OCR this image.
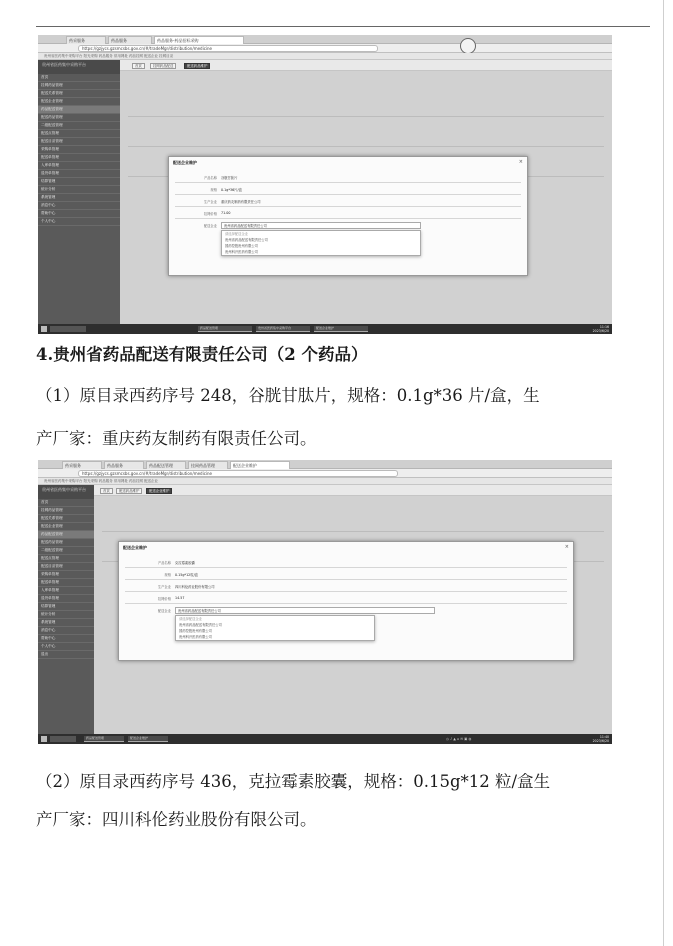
药采服务	药品服务	药品服务-药品招标采购
https://gzjycs.gzsmcsbs.gov.cn/#/tradeMgr/distribution/medicine
贵州省医药集中采购平台 阳光采购 药品服务 常用网址 药品挂网 配送企业 挂网目录
贵州省医药集中采购平台
首页
挂网药品管理
配送关系管理
配送企业管理
药品配送管理
配送药品管理
二级配送管理
配送点管理
配送目录管理
采购单管理
配送单管理
入库单管理
退货单管理
结算管理
统计分析
系统管理
消息中心
帮助中心
个人中心
首页	挂网药品配送	配送药品维护
配送企业维护	×
产品名称 谷胱甘肽片
规格 0.1g*36片/盒
生产企业 重庆药友制药有限责任公司
挂网价格 71.00
配送企业	贵州省药品配送有限责任公司
请选择配送企业
贵州省药品配送有限责任公司
国药控股贵州有限公司
贵州科开医药有限公司
药品配送管理	贵州省医药集中采购平台	配送企业维护	11:16
2023/6/20
药采服务	药品服务	药品配送管理	挂网药品管理	配送企业维护
https://gzjycs.gzsmcsbs.gov.cn/#/tradeMgr/distribution/medicine
贵州省医药集中采购平台 阳光采购 药品服务 常用网址 药品挂网 配送企业
贵州省医药集中采购平台
首页
挂网药品管理
配送关系管理
配送企业管理
药品配送管理
配送药品管理
二级配送管理
配送点管理
配送目录管理
采购单管理
配送单管理
入库单管理
退货单管理
结算管理
统计分析
系统管理
消息中心
帮助中心
个人中心
退出
首页	配送药品维护	配送企业维护
配送企业维护	×
产品名称 克拉霉素胶囊
规格 0.15g*12粒/盒
生产企业 四川科伦药业股份有限公司
挂网价格 14.57
配送企业	贵州省药品配送有限责任公司
请选择配送企业
贵州省药品配送有限责任公司
国药控股贵州有限公司
贵州科开医药有限公司
药品配送管理	配送企业维护	◷ ♪ ▲ ⌂ ✉ ▣ ◍	11:40
2023/6/20
4.贵州省药品配送有限责任公司（2 个药品）
（1）原目录西药序号 248，谷胱甘肽片，规格：0.1g*36 片/盒，生
产厂家：重庆药友制药有限责任公司。
（2）原目录西药序号 436，克拉霉素胶囊，规格：0.15g*12 粒/盒生
产厂家：四川科伦药业股份有限公司。
